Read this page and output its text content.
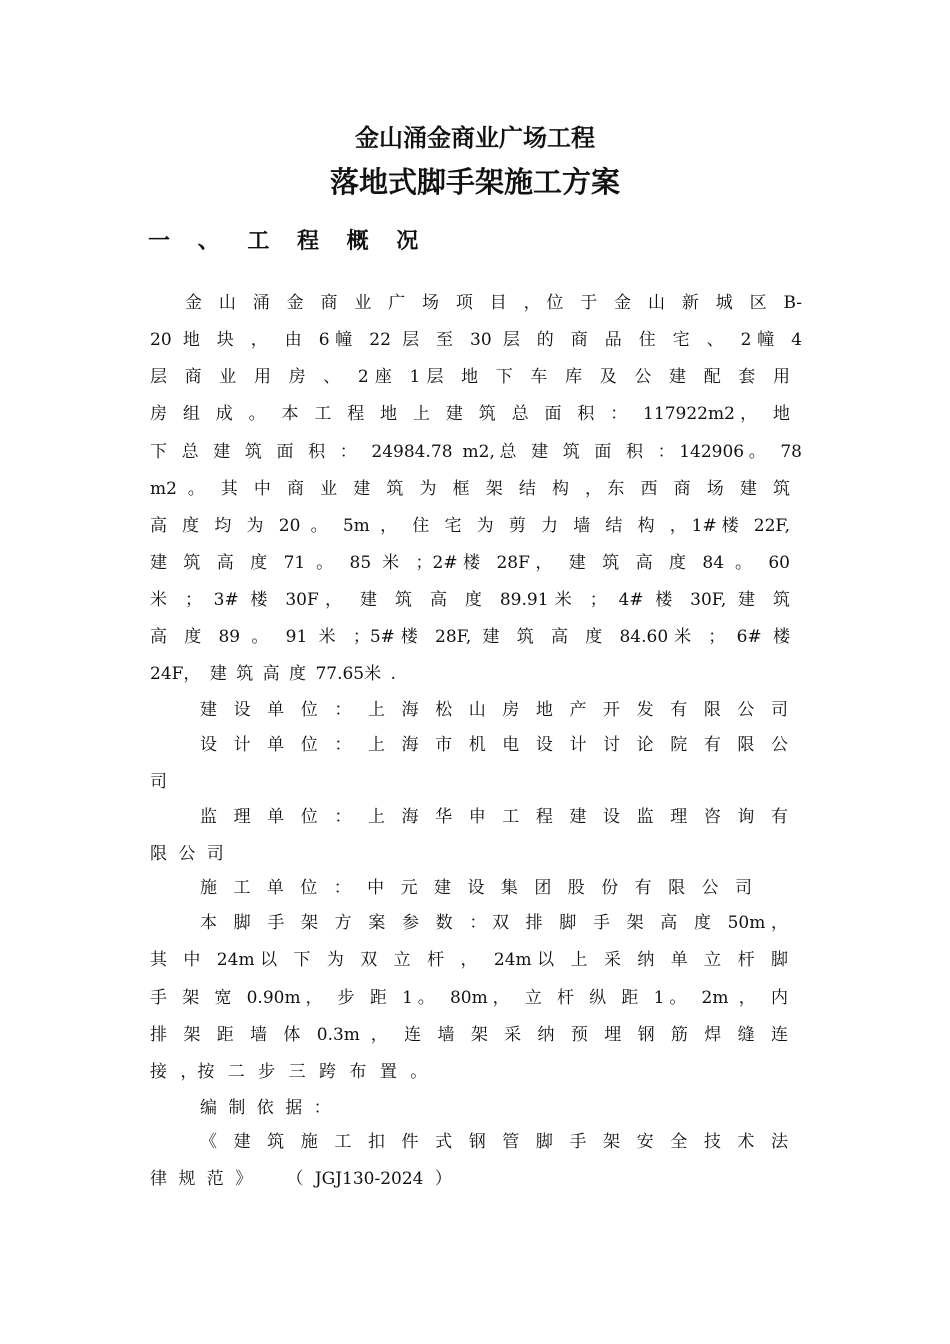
金山涌金商业广场工程
落地式脚手架施工方案
一 、 工 程 概 况
金 山 涌 金 商 业 广 场 项 目 ，位 于 金 山 新 城 区 B-
20 地 块 ， 由 6幢 22 层 至 30 层 的 商 品 住 宅 、 2幢 4
层 商 业 用 房 、 2座 1层 地 下 车 库 及 公 建 配 套 用
房 组 成 。 本 工 程 地 上 建 筑 总 面 积 ： 117922m2， 地
下 总 建 筑 面 积 ： 24984.78 m2,总 建 筑 面 积 ：142906。 78
m2 。 其 中 商 业 建 筑 为 框 架 结 构 ，东 西 商 场 建 筑
高 度 均 为 20 。 5m ， 住 宅 为 剪 力 墙 结 构 ，1#楼 22F,
建 筑 高 度 71 。 85 米 ；2#楼 28F， 建 筑 高 度 84 。 60
米 ； 3# 楼 30F， 建 筑 高 度 89.91米 ； 4# 楼 30F, 建 筑
高 度 89 。 91 米 ；5#楼 28F, 建 筑 高 度 84.60米 ； 6# 楼
24F， 建 筑 高 度 77.65米 .
建 设 单 位 ： 上 海 松 山 房 地 产 开 发 有 限 公 司
设 计 单 位 ： 上 海 市 机 电 设 计 讨 论 院 有 限 公
司
监 理 单 位 ： 上 海 华 申 工 程 建 设 监 理 咨 询 有
限 公 司
施 工 单 位 ： 中 元 建 设 集 团 股 份 有 限 公 司
本 脚 手 架 方 案 参 数 ：双 排 脚 手 架 高 度 50m，
其 中 24m以 下 为 双 立 杆 ， 24m以 上 采 纳 单 立 杆 脚
手 架 宽 0.90m， 步 距 1。 80m， 立 杆 纵 距 1。 2m ， 内
排 架 距 墙 体 0.3m ， 连 墙 架 采 纳 预 埋 钢 筋 焊 缝 连
接 ，按 二 步 三 跨 布 置 。
编 制 依 据 ：
《 建 筑 施 工 扣 件 式 钢 管 脚 手 架 安 全 技 术 法
律 规 范 》   （ JGJ130-2024 ）
